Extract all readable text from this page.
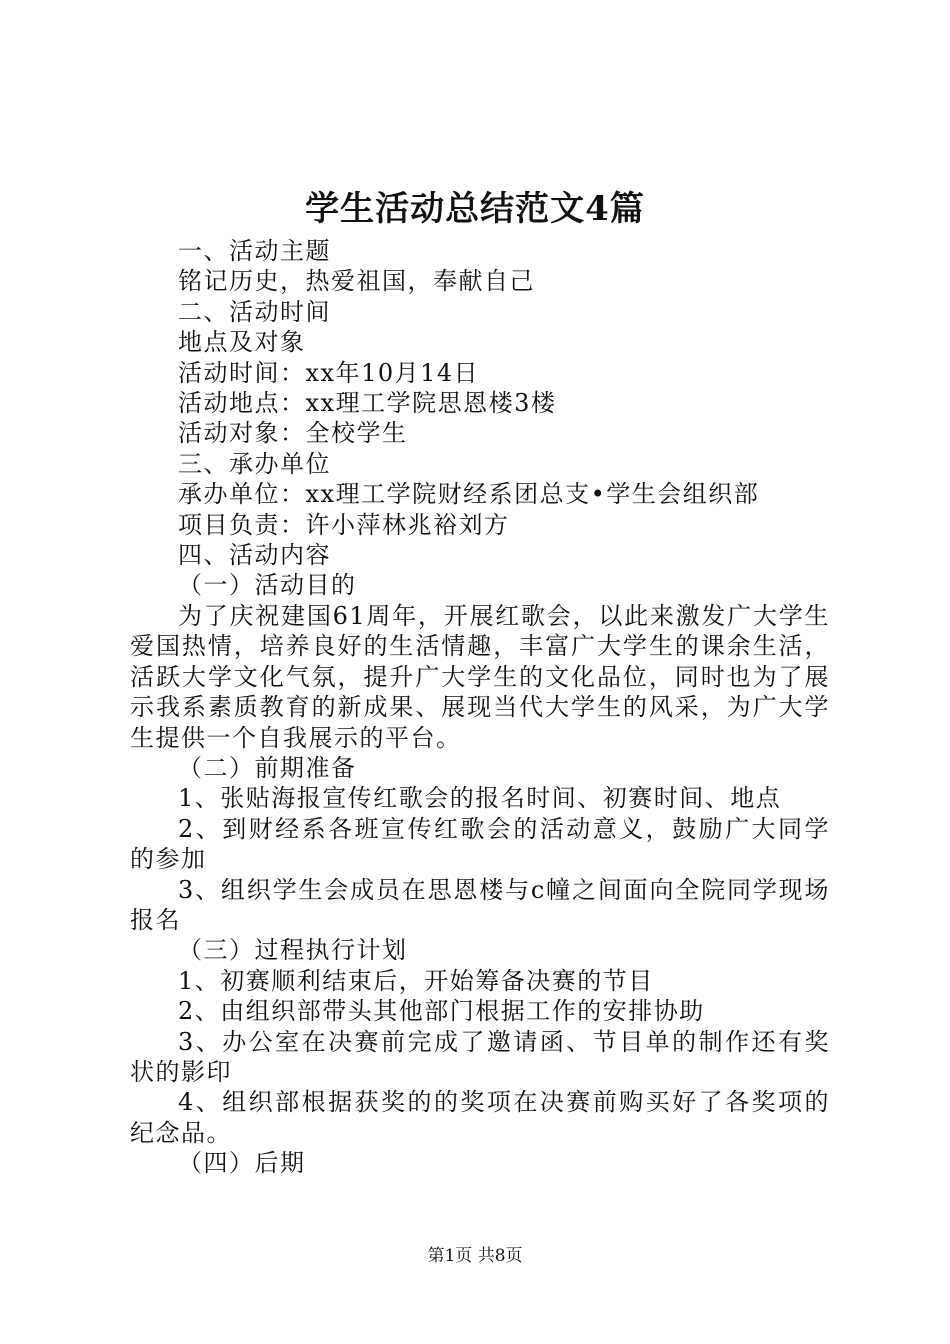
学生活动总结范文4篇

一、活动主题

铭记历史，热爱祖国，奉献自己

二、活动时间

地点及对象

活动时间：xx年10月14日

活动地点：xx理工学院思恩楼3楼

活动对象：全校学生

三、承办单位

承办单位：xx理工学院财经系团总支•学生会组织部

项目负责：许小萍林兆裕刘方

四、活动内容

（一）活动目的

为了庆祝建国61周年，开展红歌会，以此来激发广大学生爱国热情，培养良好的生活情趣，丰富广大学生的课余生活，活跃大学文化气氛，提升广大学生的文化品位，同时也为了展示我系素质教育的新成果、展现当代大学生的风采，为广大学生提供一个自我展示的平台。

（二）前期准备

1、张贴海报宣传红歌会的报名时间、初赛时间、地点

2、到财经系各班宣传红歌会的活动意义，鼓励广大同学的参加

3、组织学生会成员在思恩楼与c幢之间面向全院同学现场报名

（三）过程执行计划

1、初赛顺利结束后，开始筹备决赛的节目

2、由组织部带头其他部门根据工作的安排协助

3、办公室在决赛前完成了邀请函、节目单的制作还有奖状的影印

4、组织部根据获奖的的奖项在决赛前购买好了各奖项的纪念品。

（四）后期

第1页 共8页
